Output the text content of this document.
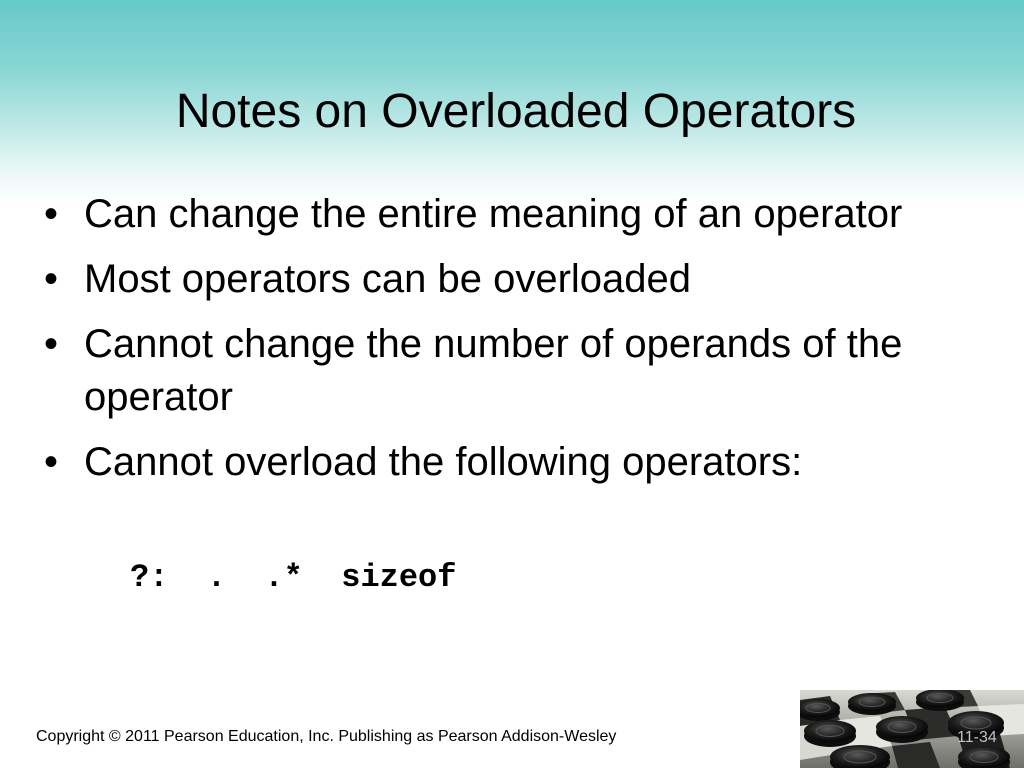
Notes on Overloaded Operators
• Can change the entire meaning of an operator
• Most operators can be overloaded
• Cannot change the number of operands of the operator
• Cannot overload the following operators:
?:  .  .*  sizeof
Copyright © 2011 Pearson Education, Inc. Publishing as Pearson Addison-Wesley	11-34
